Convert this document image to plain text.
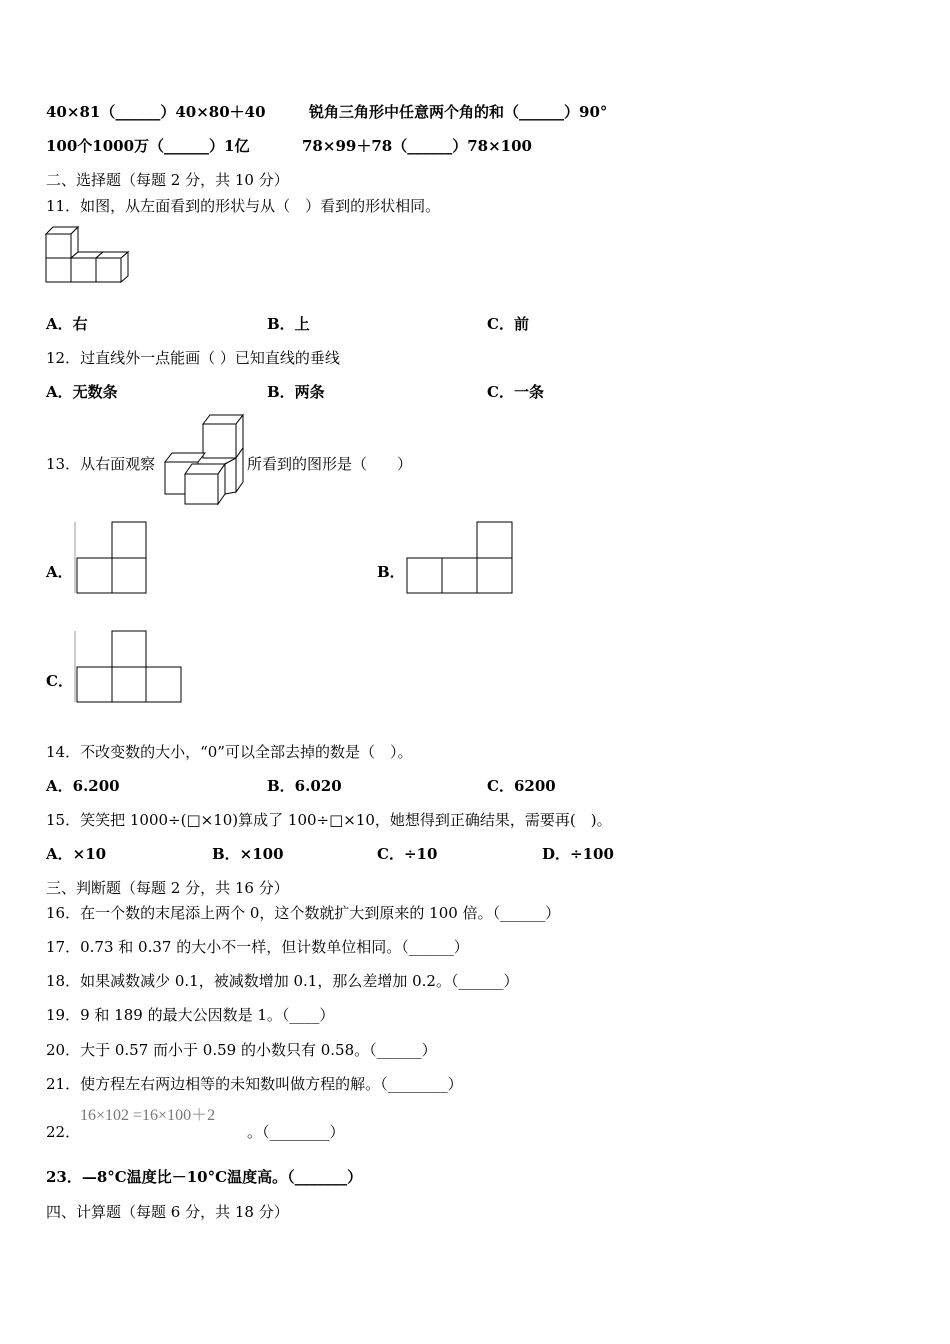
40×81（______）40×80＋40	锐角三角形中任意两个角的和（______）90°
100个1000万（______）1亿	78×99＋78（______）78×100
二、选择题（每题 2 分，共 10 分）
11．如图，从左面看到的形状与从（　）看到的形状相同。
A．右	B．上	C．前
12．过直线外一点能画（ ）已知直线的垂线
A．无数条	B．两条	C．一条
13．从右面观察	所看到的图形是（　　）
A．	B．
C．
14．不改变数的大小，“0”可以全部去掉的数是（　）。
A．6.200	B．6.020	C．6200
15．笑笑把 1000÷(□×10)算成了 100÷□×10，她想得到正确结果，需要再(　)。
A．×10	B．×100	C．÷10	D．÷100
三、判断题（每题 2 分，共 16 分）
16．在一个数的末尾添上两个 0，这个数就扩大到原来的 100 倍。（______）
17．0.73 和 0.37 的大小不一样，但计数单位相同。（______）
18．如果减数减少 0.1，被减数增加 0.1，那么差增加 0.2。（______）
19．9 和 189 的最大公因数是 1。（____）
20．大于 0.57 而小于 0.59 的小数只有 0.58。（______）
21．使方程左右两边相等的未知数叫做方程的解。（________）
22．
16×102 =16×100＋2
。（________）
23．—8°C温度比－10°C温度高。（_______）
四、计算题（每题 6 分，共 18 分）
